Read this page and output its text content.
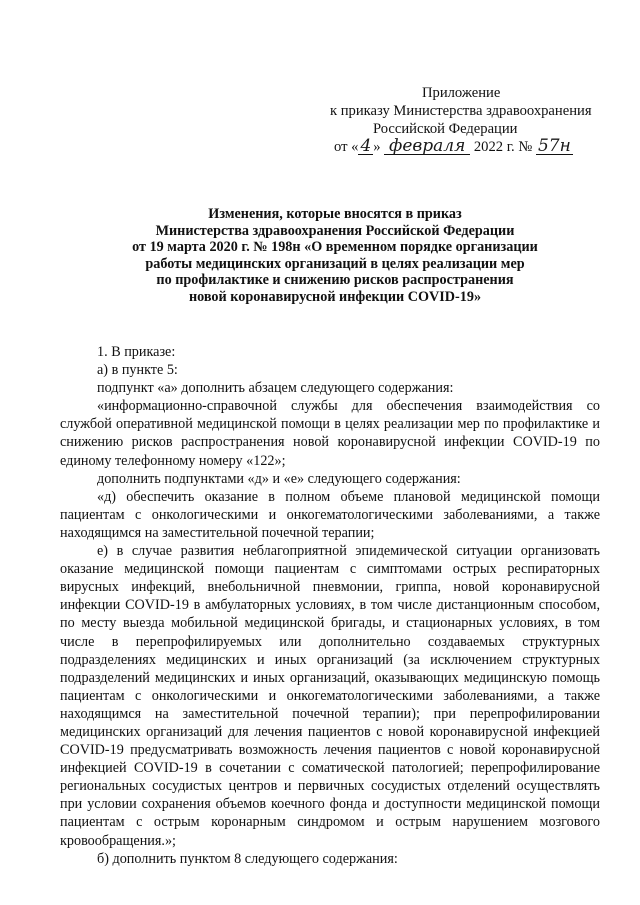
Приложение
к приказу Министерства здравоохранения
Российской Федерации
от « 4 » февраля 2022 г. № 57н
Изменения, которые вносятся в приказ
Министерства здравоохранения Российской Федерации
от 19 марта 2020 г. № 198н «О временном порядке организации
работы медицинских организаций в целях реализации мер
по профилактике и снижению рисков распространения
новой коронавирусной инфекции COVID-19»

1. В приказе:

а) в пункте 5:

подпункт «а» дополнить абзацем следующего содержания:

«информационно-справочной службы для обеспечения взаимодействия со службой оперативной медицинской помощи в целях реализации мер по профилактике и снижению рисков распространения новой коронавирусной инфекции COVID-19 по единому телефонному номеру «122»;

дополнить подпунктами «д» и «е» следующего содержания:

«д) обеспечить оказание в полном объеме плановой медицинской помощи пациентам с онкологическими и онкогематологическими заболеваниями, а также находящимся на заместительной почечной терапии;

е) в случае развития неблагоприятной эпидемической ситуации организовать оказание медицинской помощи пациентам с симптомами острых респираторных вирусных инфекций, внебольничной пневмонии, гриппа, новой коронавирусной инфекции COVID-19 в амбулаторных условиях, в том числе дистанционным способом, по месту выезда мобильной медицинской бригады, и стационарных условиях, в том числе в перепрофилируемых или дополнительно создаваемых структурных подразделениях медицинских и иных организаций (за исключением структурных подразделений медицинских и иных организаций, оказывающих медицинскую помощь пациентам с онкологическими и онкогематологическими заболеваниями, а также находящимся на заместительной почечной терапии); при перепрофилировании медицинских организаций для лечения пациентов с новой коронавирусной инфекцией COVID-19 предусматривать возможность лечения пациентов с новой коронавирусной инфекцией COVID-19 в сочетании с соматической патологией; перепрофилирование региональных сосудистых центров и первичных сосудистых отделений осуществлять при условии сохранения объемов коечного фонда и доступности медицинской помощи пациентам с острым коронарным синдромом и острым нарушением мозгового кровообращения.»;

б) дополнить пунктом 8 следующего содержания:
